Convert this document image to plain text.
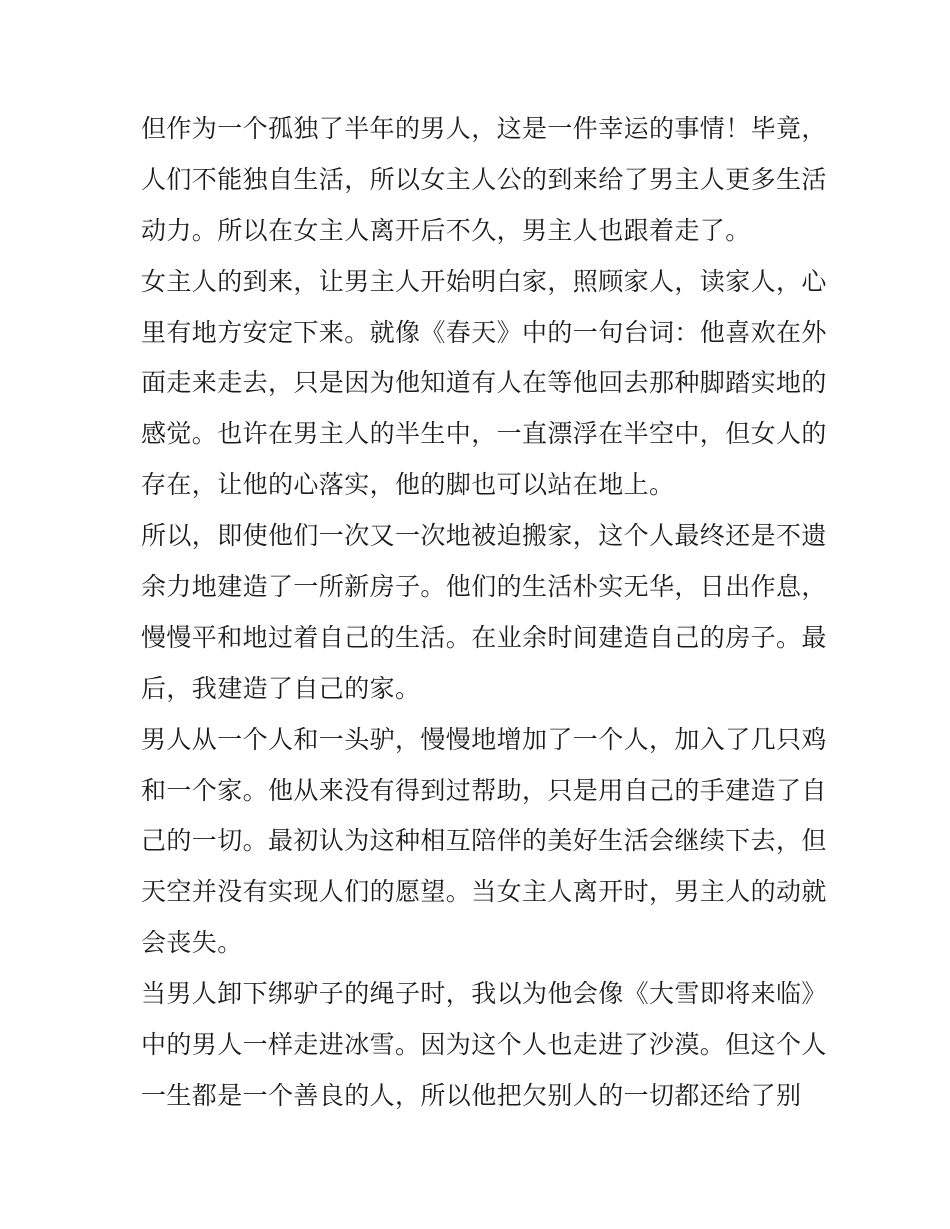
但作为一个孤独了半年的男人，这是一件幸运的事情！毕竟，
人们不能独自生活，所以女主人公的到来给了男主人更多生活
动力。所以在女主人离开后不久，男主人也跟着走了。
女主人的到来，让男主人开始明白家，照顾家人，读家人，心
里有地方安定下来。就像《春天》中的一句台词：他喜欢在外
面走来走去，只是因为他知道有人在等他回去那种脚踏实地的
感觉。也许在男主人的半生中，一直漂浮在半空中，但女人的
存在，让他的心落实，他的脚也可以站在地上。
所以，即使他们一次又一次地被迫搬家，这个人最终还是不遗
余力地建造了一所新房子。他们的生活朴实无华，日出作息，
慢慢平和地过着自己的生活。在业余时间建造自己的房子。最
后，我建造了自己的家。
男人从一个人和一头驴，慢慢地增加了一个人，加入了几只鸡
和一个家。他从来没有得到过帮助，只是用自己的手建造了自
己的一切。最初认为这种相互陪伴的美好生活会继续下去，但
天空并没有实现人们的愿望。当女主人离开时，男主人的动就
会丧失。
当男人卸下绑驴子的绳子时，我以为他会像《大雪即将来临》
中的男人一样走进冰雪。因为这个人也走进了沙漠。但这个人
一生都是一个善良的人，所以他把欠别人的一切都还给了别
